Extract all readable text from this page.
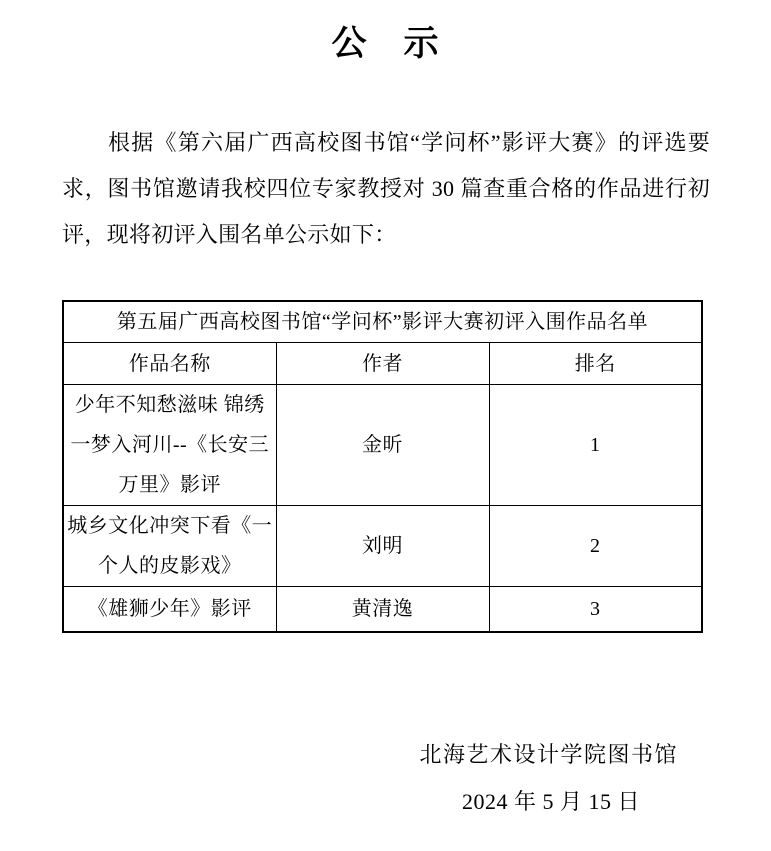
公　示
根据《第六届广西高校图书馆“学问杯”影评大赛》的评选要求，图书馆邀请我校四位专家教授对 30 篇查重合格的作品进行初评，现将初评入围名单公示如下：
第五届广西高校图书馆“学问杯”影评大赛初评入围作品名单		
作品名称	作者	排名
少年不知愁滋味 锦绣一梦入河川--《长安三万里》影评	金昕	1
城乡文化冲突下看《一个人的皮影戏》	刘明	2
《雄狮少年》影评	黄清逸	3
北海艺术设计学院图书馆
2024 年 5 月 15 日
